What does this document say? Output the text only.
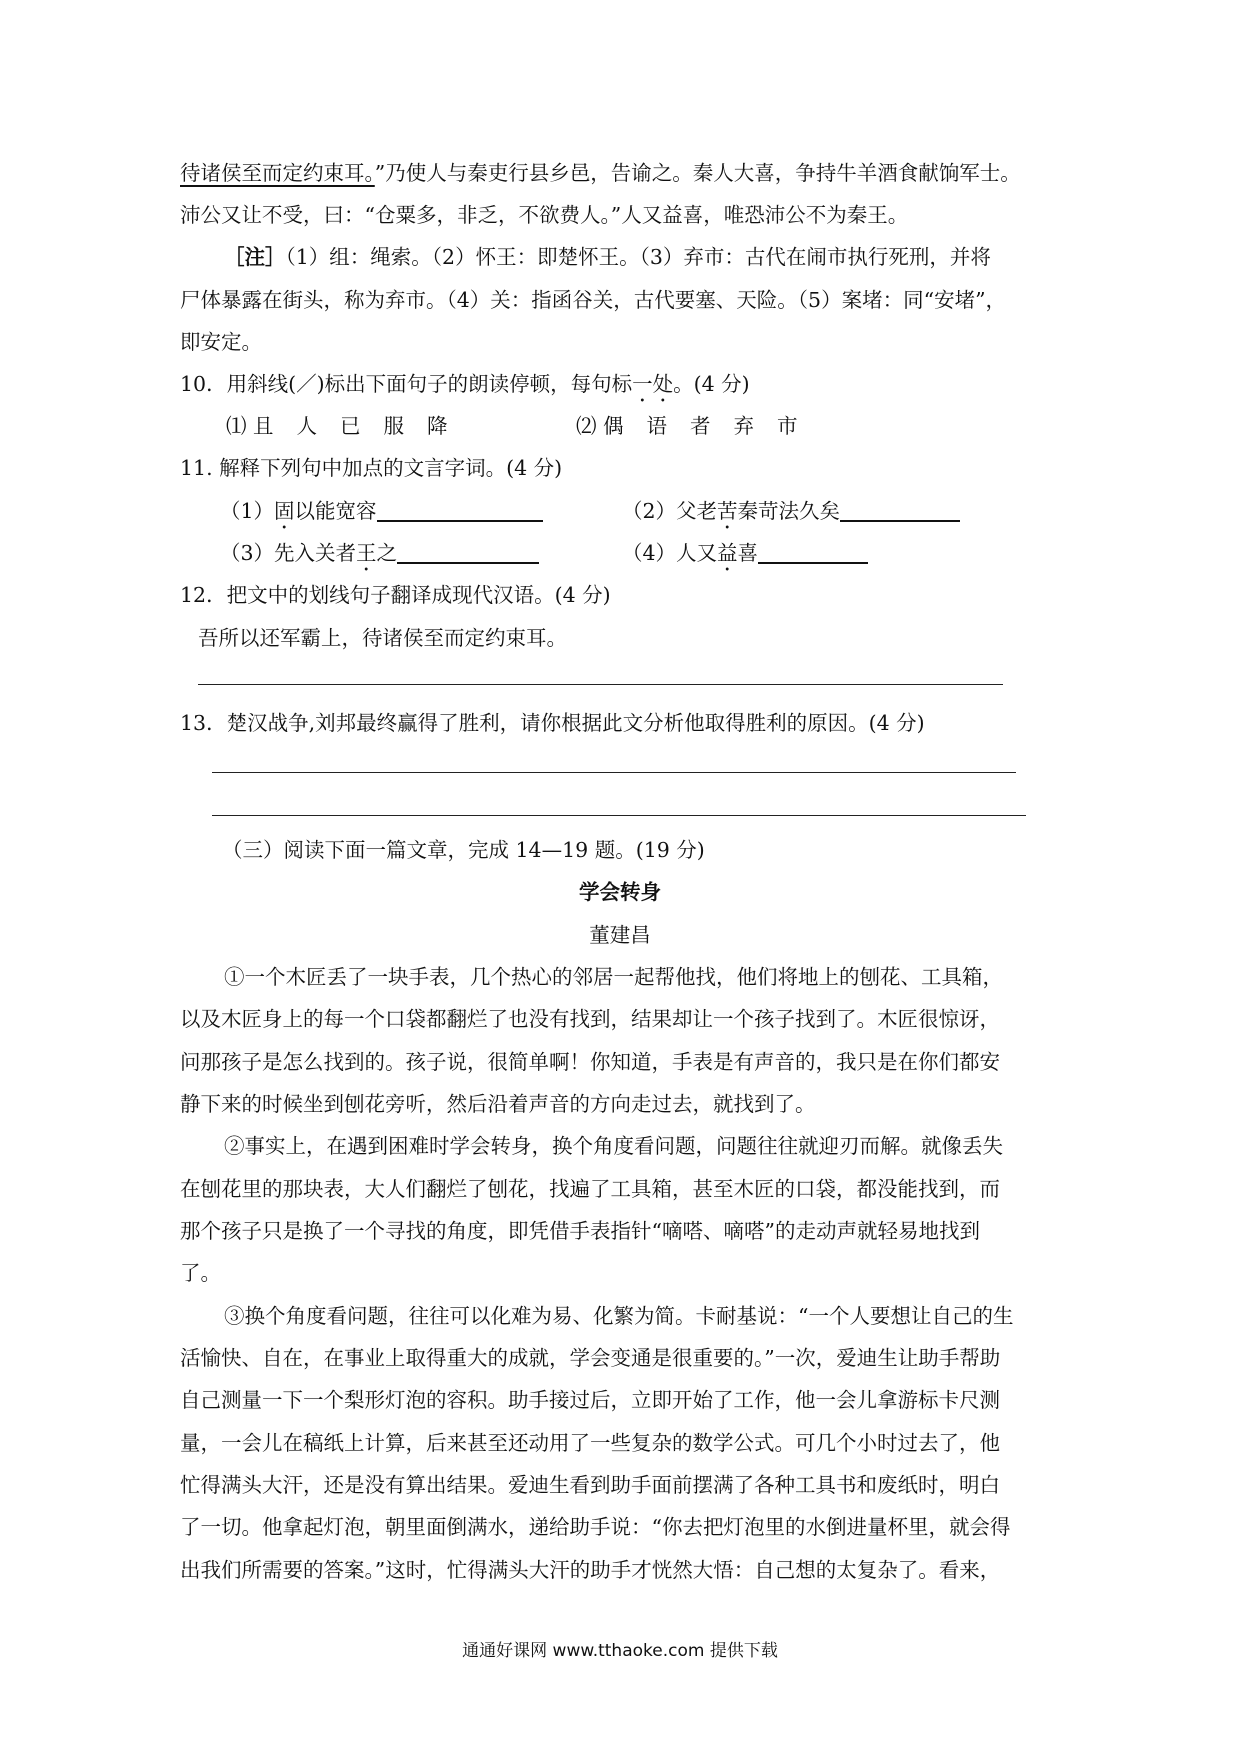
待诸侯至而定约束耳。”乃使人与秦吏行县乡邑，告谕之。秦人大喜，争持牛羊酒食献饷军士。
沛公又让不受，曰：“仓粟多，非乏，不欲费人。”人又益喜，唯恐沛公不为秦王。
［注］（1）组：绳索。（2）怀王：即楚怀王。（3）弃市：古代在闹市执行死刑，并将
尸体暴露在街头，称为弃市。（4）关：指函谷关，古代要塞、天险。（5）案堵：同“安堵”，
即安定。
10．用斜线(／)标出下面句子的朗读停顿，每句标一处。(4 分)
⑴ 且人已服降	⑵ 偶语者弃市
11. 解释下列句中加点的文言字词。(4 分)
（1）固以能宽容	（2）父老苦秦苛法久矣
（3）先入关者王之	（4）人又益喜
12．把文中的划线句子翻译成现代汉语。(4 分)
吾所以还军霸上，待诸侯至而定约束耳。
13．楚汉战争,刘邦最终赢得了胜利，请你根据此文分析他取得胜利的原因。(4 分)
（三）阅读下面一篇文章，完成 14—19 题。(19 分)
学会转身
董建昌
①一个木匠丢了一块手表，几个热心的邻居一起帮他找，他们将地上的刨花、工具箱，
以及木匠身上的每一个口袋都翻烂了也没有找到，结果却让一个孩子找到了。木匠很惊讶，
问那孩子是怎么找到的。孩子说，很简单啊！你知道，手表是有声音的，我只是在你们都安
静下来的时候坐到刨花旁听，然后沿着声音的方向走过去，就找到了。
②事实上，在遇到困难时学会转身，换个角度看问题，问题往往就迎刃而解。就像丢失
在刨花里的那块表，大人们翻烂了刨花，找遍了工具箱，甚至木匠的口袋，都没能找到，而
那个孩子只是换了一个寻找的角度，即凭借手表指针“嘀嗒、嘀嗒”的走动声就轻易地找到
了。
③换个角度看问题，往往可以化难为易、化繁为简。卡耐基说：“一个人要想让自己的生
活愉快、自在，在事业上取得重大的成就，学会变通是很重要的。”一次，爱迪生让助手帮助
自己测量一下一个梨形灯泡的容积。助手接过后，立即开始了工作，他一会儿拿游标卡尺测
量，一会儿在稿纸上计算，后来甚至还动用了一些复杂的数学公式。可几个小时过去了，他
忙得满头大汗，还是没有算出结果。爱迪生看到助手面前摆满了各种工具书和废纸时，明白
了一切。他拿起灯泡，朝里面倒满水，递给助手说：“你去把灯泡里的水倒进量杯里，就会得
出我们所需要的答案。”这时，忙得满头大汗的助手才恍然大悟：自己想的太复杂了。看来，
通通好课网 www.tthaoke.com 提供下载
